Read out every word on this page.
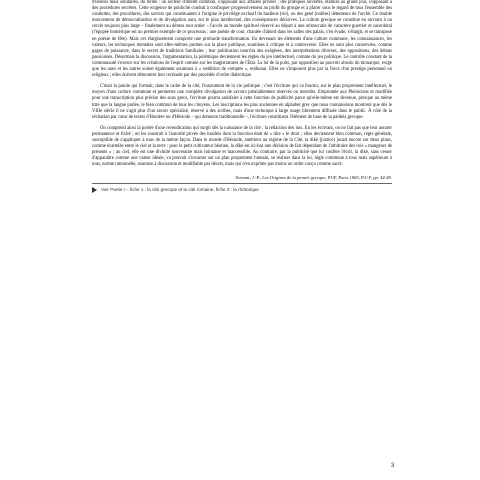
d'hérésis mais solidaires, du terme : un secteur d'intérêt commun, s'opposant aux affaires privées ; des pratiques ouvertes, établies au grand jour, s'opposant à des procédures secrètes. Cette exigence de publicité conduit à confisquer progressivement au profit du groupe et à placer sous le regard de tous l'ensemble des conduites, des procédures, des savoirs qui constituaient à l'origine le privilège exclusif du basileus (roi), ou des genè (nobles) détenteurs de l'archè. Ce double mouvement de démocratisation et de divulgation aura, sur le plan intellectuel, des conséquences décisives. La culture grecque se constitue en ouvrant à un cercle toujours plus large – finalement au démos tout entier – l'accès au monde spirituel réservé au départ à une aristocratie de caractère guerrier et sacerdotal (l'épopée homérique est un premier exemple de ce processus : une poésie de cour, chantée d'abord dans les salles des palais, s'en évade, s'élargit, et se transpose en poésie de fête). Mais cet élargissement comporte une profonde transformation. En devenant les éléments d'une culture commune, les connaissances, les valeurs, les techniques mentales sont elles-mêmes portées sur la place publique, soumises à critique et à controverse. Elles ne sont plus conservées, comme gages de puissance, dans le secret de traditions familiales ; leur publication nourrira des exégèses, des interprétations diverses, des oppositions, des débats passionnés. Désormais la discussion, l'argumentation, la polémique deviennent les règles du jeu intellectuel, comme du jeu politique. Le contrôle constant de la communauté s'exerce sur les créations de l'esprit comme sur les magistratures de l'État. La loi de la polis, par opposition au pouvoir absolu du monarque, exige que les unes et les autres soient également soumises à « reddition de comptes », euthunai. Elles ne s'imposent plus par la force d'un prestige personnel ou religieux ; elles doivent démontrer leur rectitude par des procédés d'ordre dialectique.

C'était la parole qui formait, dans le cadre de la cité, l'instrument de la vie politique ; c'est l'écriture qui va fournir, sur le plan proprement intellectuel, le moyen d'une culture commune et permettre une complète divulgation de savoirs préalablement réservés ou interdits. Empruntée aux Phéniciens et modifiée pour une transcription plus précise des sons grecs, l'écriture pourra satisfaire à cette fonction de publicité parce qu'elle-même est devenue, presque au même titre que la langue parlée, le bien commun de tous les citoyens. Les inscriptions les plus anciennes en alphabet grec que nous connaissions montrent que dès le VIIIe siècle il ne s'agit plus d'un savoir spécialisé, réservé à des scribes, mais d'une technique à large usage librement diffusée dans le public. À côté de la récitation par cœur de textes d'Homère ou d'Hésiode – qui demeure traditionnelle –, l'écriture constituera l'élément de base de la paideia grecque.

On comprend ainsi la portée d'une revendication qui surgit dès la naissance de la cité : la rédaction des lois. En les écrivant, on ne fait pas que leur assurer permanence et fixité ; on les soustrait à l'autorité privée des basileis dont la fonction était de « dire » le droit ; elles deviennent bien commun, règle générale, susceptible de s'appliquer à tous de la même façon. Dans le monde d'Hésiode, antérieur au régime de la Cité, la dikè (justice) jouait encore sur deux plans, comme écartelée entre le ciel et la terre : pour le petit cultivateur béotien, la dikè est ici-bas une décision de fait dépendant de l'arbitraire des rois « mangeurs de présents » ; au ciel, elle est une divinité souveraine mais lointaine et inaccessible. Au contraire, par la publicité que lui confère l'écrit, la dikè, sans cesser d'apparaître comme une valeur idéale, va pouvoir s'incarner sur un plan proprement humain, se réaliser dans la loi, règle commune à tous mais supérieure à tous, norme rationnelle, soumise à discussion et modifiable par décret, mais qui n'en exprime pas moins un ordre conçu comme sacré.

Vernant, J.-P., Les Origines de la pensée grecque, PUF, Paris 1969, P.U.F, pp. 44-49.

Voir Partie I – fiche 1 : la cité grecque et la cité romaine, fiche 3 : la rhétorique
3
